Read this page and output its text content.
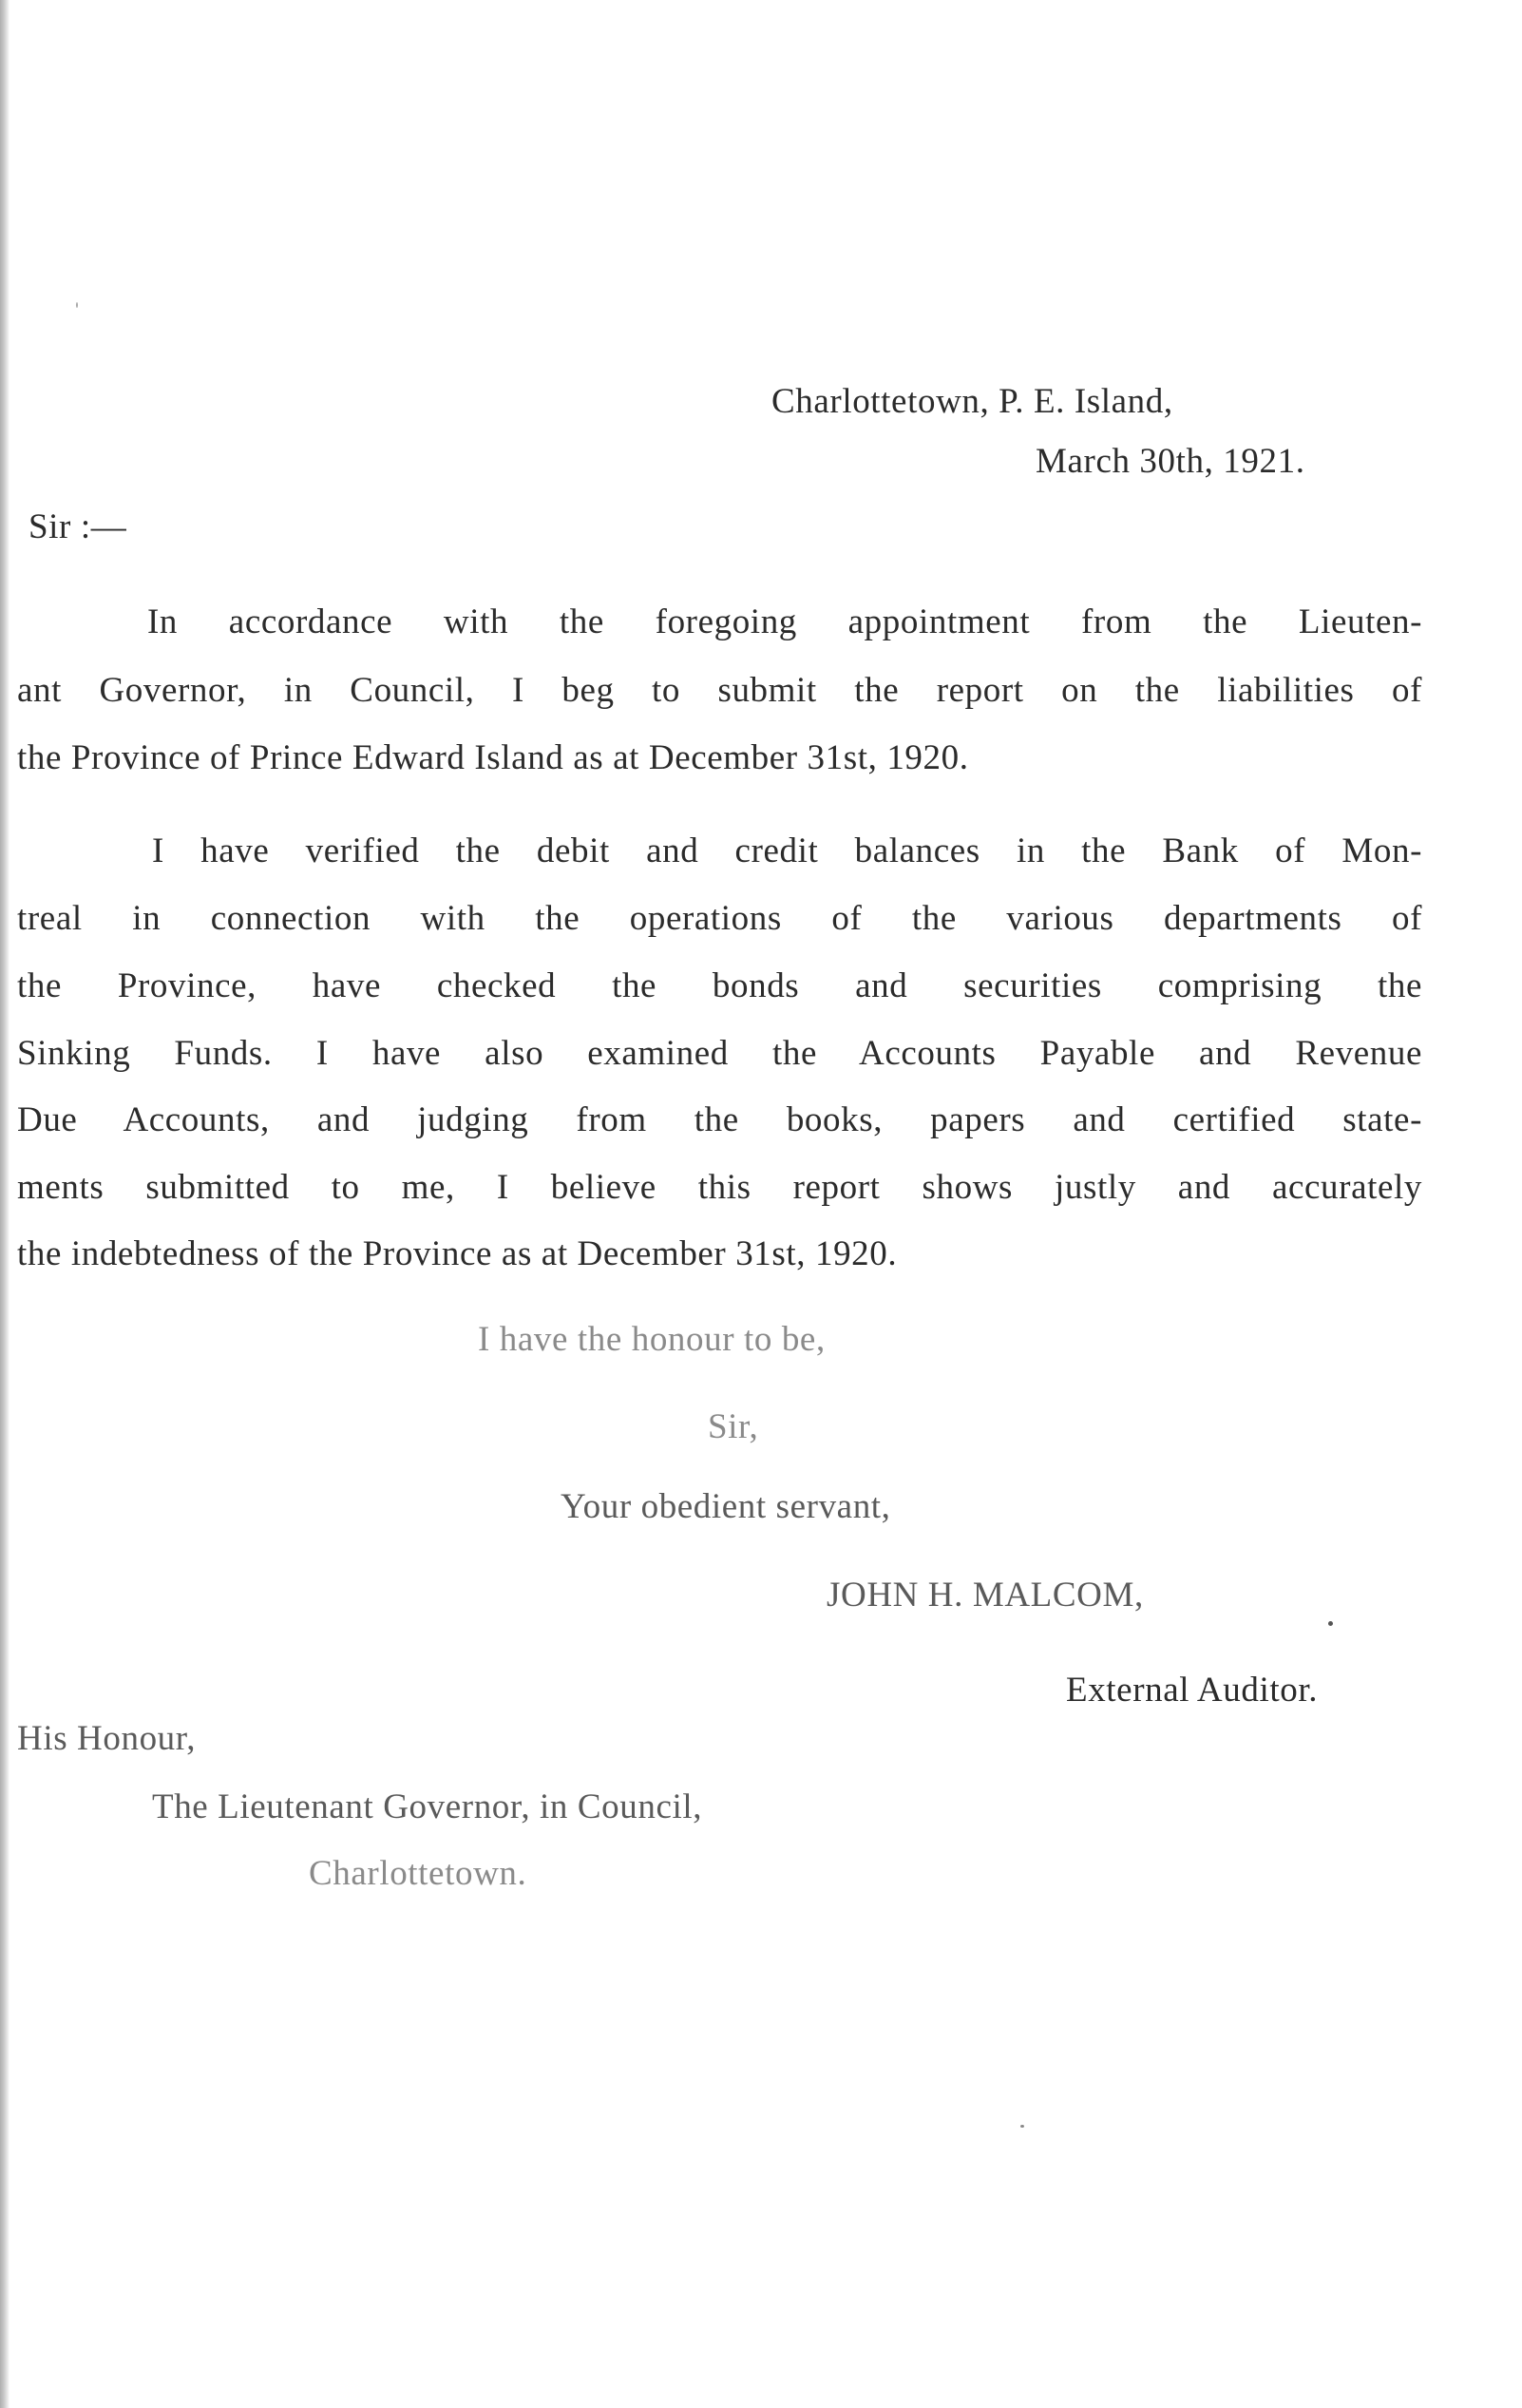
Charlottetown, P. E. Island,
March 30th, 1921.
Sir :—
In accordance with the foregoing appointment from the Lieuten-
ant Governor, in Council, I beg to submit the report on the liabilities of
the Province of Prince Edward Island as at December 31st, 1920.
I have verified the debit and credit balances in the Bank of Mon-
treal in connection with the operations of the various departments of
the Province, have checked the bonds and securities comprising the
Sinking Funds. I have also examined the Accounts Payable and Revenue
Due Accounts, and judging from the books, papers and certified state-
ments submitted to me, I believe this report shows justly and accurately
the indebtedness of the Province as at December 31st, 1920.
I have the honour to be,
Sir,
Your obedient servant,
JOHN H. MALCOM,
External Auditor.
His Honour,
The Lieutenant Governor, in Council,
Charlottetown.
